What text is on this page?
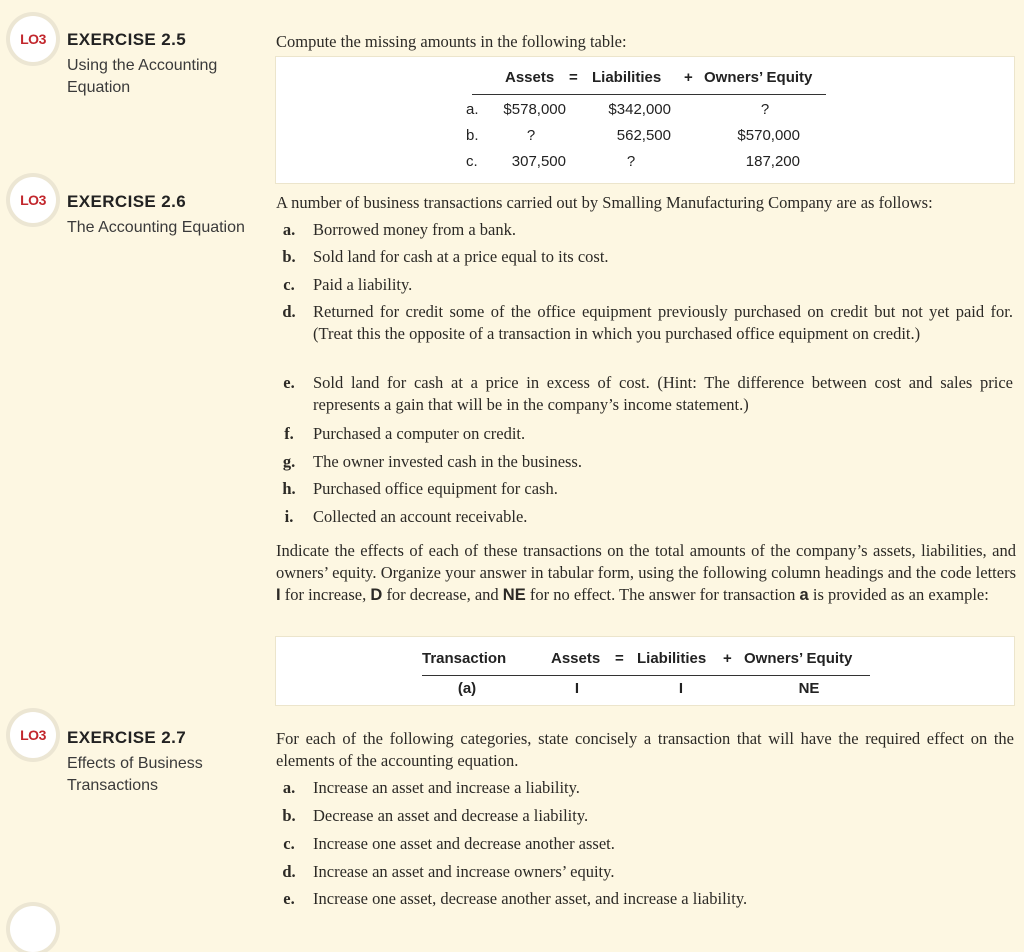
LO3	EXERCISE 2.5
Using the Accounting Equation
LO3	EXERCISE 2.6
The Accounting Equation
LO3	EXERCISE 2.7
Effects of Business Transactions

Compute the missing amounts in the following table:

Assets = Liabilities + Owners’ Equity
a.	$578,000	$342,000	?
b.	?	562,500	$570,000
c.	307,500	?	187,200

A number of business transactions carried out by Smalling Manufacturing Company are as follows:

a.	Borrowed money from a bank.
b.	Sold land for cash at a price equal to its cost.
c.	Paid a liability.
d.	Returned for credit some of the office equipment previously purchased on credit but not yet paid for. (Treat this the opposite of a transaction in which you purchased office equipment on credit.)
e.	Sold land for cash at a price in excess of cost. (Hint: The difference between cost and sales price represents a gain that will be in the company’s income statement.)
f.	Purchased a computer on credit.
g.	The owner invested cash in the business.
h.	Purchased office equipment for cash.
i.	Collected an account receivable.

Indicate the effects of each of these transactions on the total amounts of the company’s assets, liabilities, and owners’ equity. Organize your answer in tabular form, using the following column headings and the code letters I for increase, D for decrease, and NE for no effect. The answer for transaction a is provided as an example:

Transaction	Assets = Liabilities + Owners’ Equity
(a)	I	I	NE

For each of the following categories, state concisely a transaction that will have the required effect on the elements of the accounting equation.

a.	Increase an asset and increase a liability.
b.	Decrease an asset and decrease a liability.
c.	Increase one asset and decrease another asset.
d.	Increase an asset and increase owners’ equity.
e.	Increase one asset, decrease another asset, and increase a liability.
